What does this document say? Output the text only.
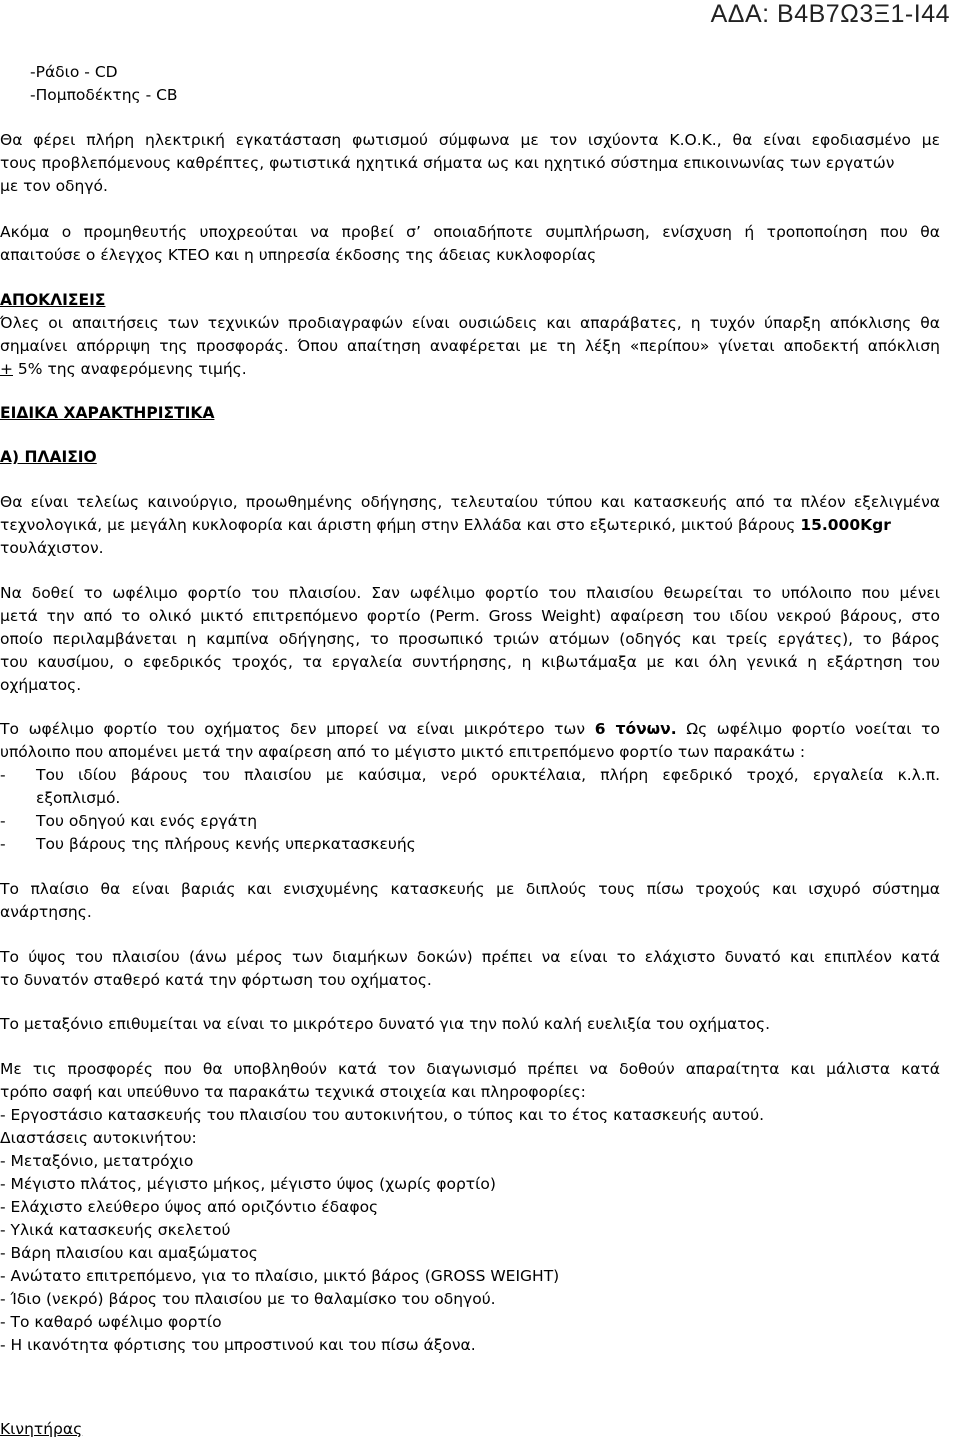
ΑΔΑ: Β4Β7Ω3Ξ1-Ι44
-Ράδιο - CD
-Πομποδέκτης - CB
Θα φέρει πλήρη ηλεκτρική εγκατάσταση φωτισμού σύμφωνα με τον ισχύοντα Κ.Ο.Κ., θα είναι εφοδιασμένο με
τους προβλεπόμενους καθρέπτες, φωτιστικά ηχητικά σήματα ως και ηχητικό σύστημα επικοινωνίας των εργατών
με τον οδηγό.
Ακόμα ο προμηθευτής υποχρεούται να προβεί σ’ οποιαδήποτε συμπλήρωση, ενίσχυση ή τροποποίηση που θα
απαιτούσε ο έλεγχος ΚΤΕΟ και η υπηρεσία έκδοσης της άδειας κυκλοφορίας
ΑΠΟΚΛΙΣΕΙΣ
Όλες οι απαιτήσεις των τεχνικών προδιαγραφών είναι ουσιώδεις και απαράβατες, η τυχόν ύπαρξη απόκλισης θα
σημαίνει απόρριψη της προσφοράς. Όπου απαίτηση αναφέρεται με τη λέξη «περίπου» γίνεται αποδεκτή απόκλιση
+ 5% της αναφερόμενης τιμής.
ΕΙΔΙΚΑ ΧΑΡΑΚΤΗΡΙΣΤΙΚΑ
Α) ΠΛΑΙΣΙΟ
Θα είναι τελείως καινούργιο, προωθημένης οδήγησης, τελευταίου τύπου και κατασκευής από τα πλέον εξελιγμένα
τεχνολογικά, με μεγάλη κυκλοφορία και άριστη φήμη στην Ελλάδα και στο εξωτερικό, μικτού βάρους 15.000Kgr
τουλάχιστον.
Να δοθεί το ωφέλιμο φορτίο του πλαισίου. Σαν ωφέλιμο φορτίο του πλαισίου θεωρείται το υπόλοιπο που μένει
μετά την από το ολικό μικτό επιτρεπόμενο φορτίο (Perm. Gross Weight) αφαίρεση του ιδίου νεκρού βάρους, στο
οποίο περιλαμβάνεται η καμπίνα οδήγησης, το προσωπικό τριών ατόμων (οδηγός και τρείς εργάτες), το βάρος
του καυσίμου, ο εφεδρικός τροχός, τα εργαλεία συντήρησης, η κιβωτάμαξα με και όλη γενικά η εξάρτηση του
οχήματος.
Το ωφέλιμο φορτίο του οχήματος δεν μπορεί να είναι μικρότερο των 6 τόνων. Ως ωφέλιμο φορτίο νοείται το
υπόλοιπο που απομένει μετά την αφαίρεση από το μέγιστο μικτό επιτρεπόμενο φορτίο των παρακάτω :
- Του ιδίου βάρους του πλαισίου με καύσιμα, νερό ορυκτέλαια, πλήρη εφεδρικό τροχό, εργαλεία κ.λ.π.
εξοπλισμό.
- Του οδηγού και ενός εργάτη
- Του βάρους της πλήρους κενής υπερκατασκευής
Το πλαίσιο θα είναι βαριάς και ενισχυμένης κατασκευής με διπλούς τους πίσω τροχούς και ισχυρό σύστημα
ανάρτησης.
Το ύψος του πλαισίου (άνω μέρος των διαμήκων δοκών) πρέπει να είναι το ελάχιστο δυνατό και επιπλέον κατά
το δυνατόν σταθερό κατά την φόρτωση του οχήματος.
Το μεταξόνιο επιθυμείται να είναι το μικρότερο δυνατό για την πολύ καλή ευελιξία του οχήματος.
Με τις προσφορές που θα υποβληθούν κατά τον διαγωνισμό πρέπει να δοθούν απαραίτητα και μάλιστα κατά
τρόπο σαφή και υπεύθυνο τα παρακάτω τεχνικά στοιχεία και πληροφορίες:
- Εργοστάσιο κατασκευής του πλαισίου του αυτοκινήτου, ο τύπος και το έτος κατασκευής αυτού.
Διαστάσεις αυτοκινήτου:
- Μεταξόνιο, μετατρόχιο
- Μέγιστο πλάτος, μέγιστο μήκος, μέγιστο ύψος (χωρίς φορτίο)
- Ελάχιστο ελεύθερο ύψος από οριζόντιο έδαφος
- Υλικά κατασκευής σκελετού
- Βάρη πλαισίου και αμαξώματος
- Ανώτατο επιτρεπόμενο, για το πλαίσιο, μικτό βάρος (GROSS WEIGHT)
- Ίδιο (νεκρό) βάρος του πλαισίου με το θαλαμίσκο του οδηγού.
- Το καθαρό ωφέλιμο φορτίο
- Η ικανότητα φόρτισης του μπροστινού και του πίσω άξονα.
Κινητήρας
